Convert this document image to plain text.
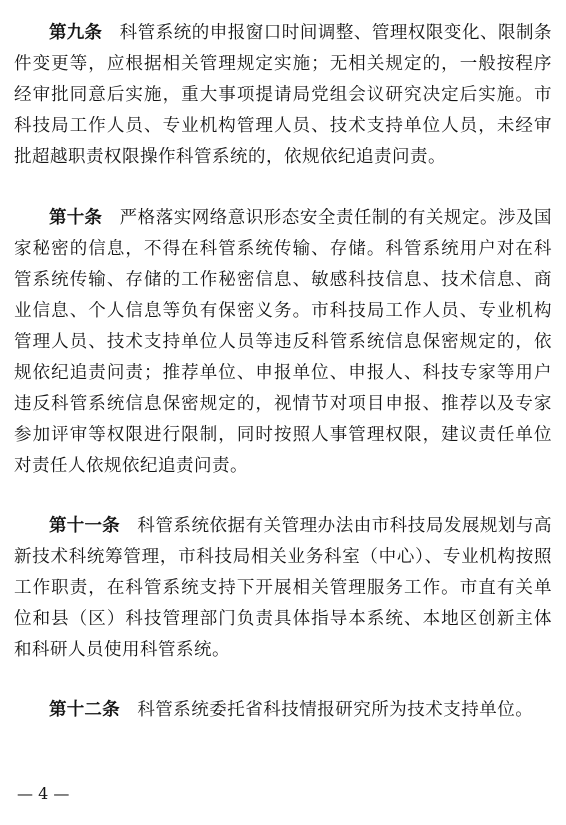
第九条 科管系统的申报窗口时间调整、管理权限变化、限制条件变更等，应根据相关管理规定实施；无相关规定的，一般按程序经审批同意后实施，重大事项提请局党组会议研究决定后实施。市科技局工作人员、专业机构管理人员、技术支持单位人员，未经审批超越职责权限操作科管系统的，依规依纪追责问责。

第十条 严格落实网络意识形态安全责任制的有关规定。涉及国家秘密的信息，不得在科管系统传输、存储。科管系统用户对在科管系统传输、存储的工作秘密信息、敏感科技信息、技术信息、商业信息、个人信息等负有保密义务。市科技局工作人员、专业机构管理人员、技术支持单位人员等违反科管系统信息保密规定的，依规依纪追责问责；推荐单位、申报单位、申报人、科技专家等用户违反科管系统信息保密规定的，视情节对项目申报、推荐以及专家参加评审等权限进行限制，同时按照人事管理权限，建议责任单位对责任人依规依纪追责问责。

第十一条 科管系统依据有关管理办法由市科技局发展规划与高新技术科统筹管理，市科技局相关业务科室（中心）、专业机构按照工作职责，在科管系统支持下开展相关管理服务工作。市直有关单位和县（区）科技管理部门负责具体指导本系统、本地区创新主体和科研人员使用科管系统。

第十二条 科管系统委托省科技情报研究所为技术支持单位。

— 4 —
